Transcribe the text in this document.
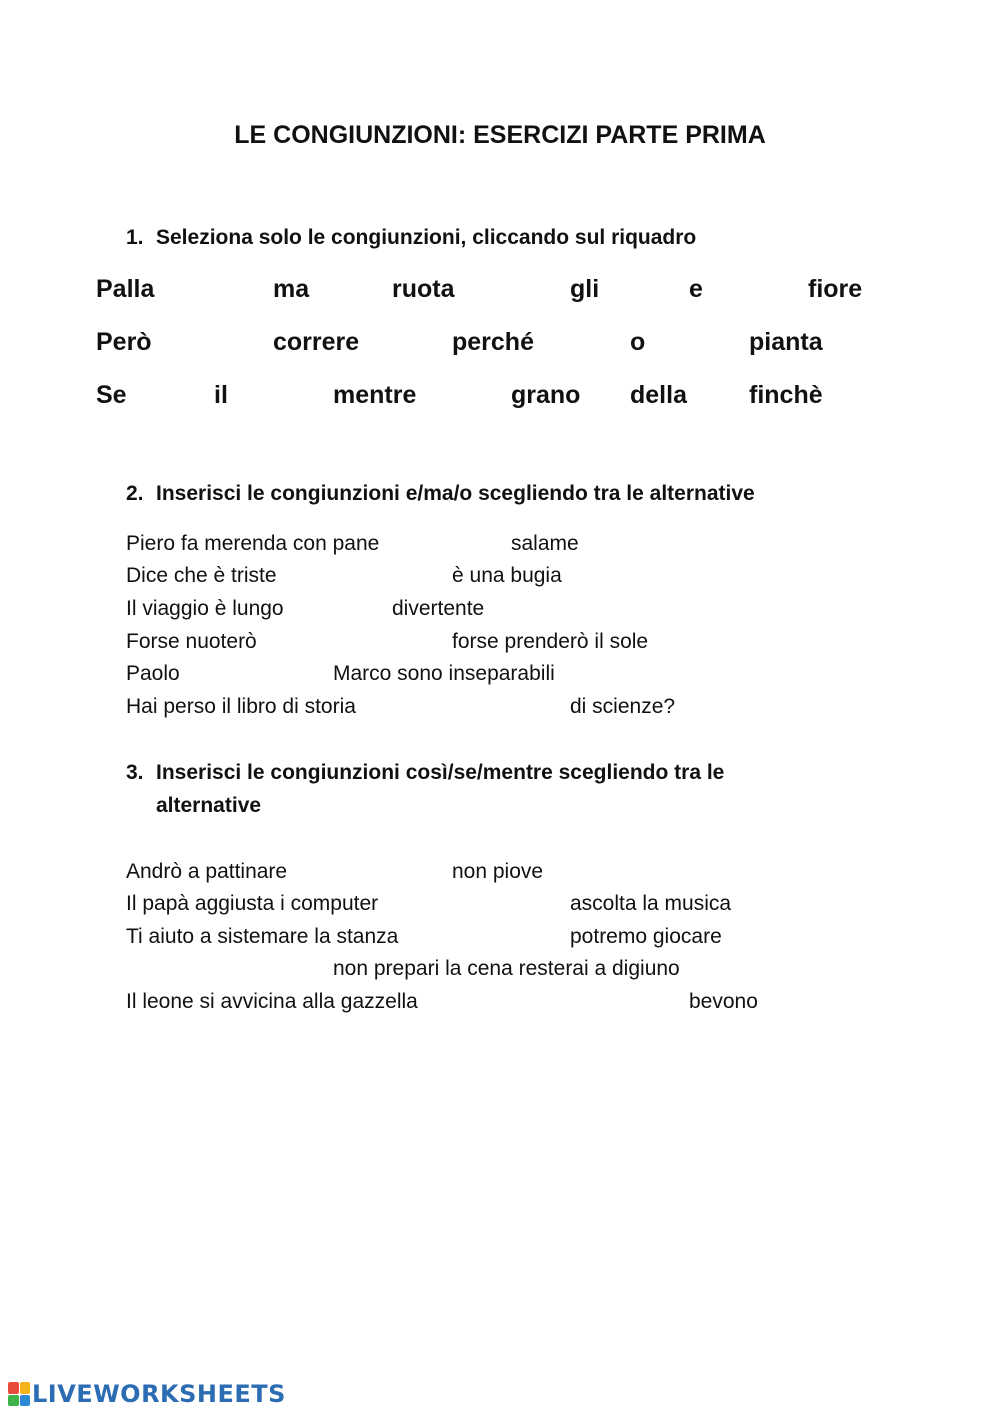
LE CONGIUNZIONI: ESERCIZI PARTE PRIMA
1. Seleziona solo le congiunzioni, cliccando sul riquadro
Palla	ma	ruota	gli	e	fiore
Però	correre	perché	o	pianta
Se	il	mentre	grano della finchè
2. Inserisci le congiunzioni e/ma/o scegliendo tra le alternative
Piero fa merenda con pane	salame
Dice che è triste	è una bugia
Il viaggio è lungo	divertente
Forse nuoterò	forse prenderò il sole
Paolo	Marco sono inseparabili
Hai perso il libro di storia	di scienze?
3. Inserisci le congiunzioni così/se/mentre scegliendo tra le
alternative
Andrò a pattinare	non piove
Il papà aggiusta i computer	ascolta la musica
Ti aiuto a sistemare la stanza	potremo giocare
non prepari la cena resterai a digiuno
Il leone si avvicina alla gazzella	bevono
LIVEWORKSHEETS
